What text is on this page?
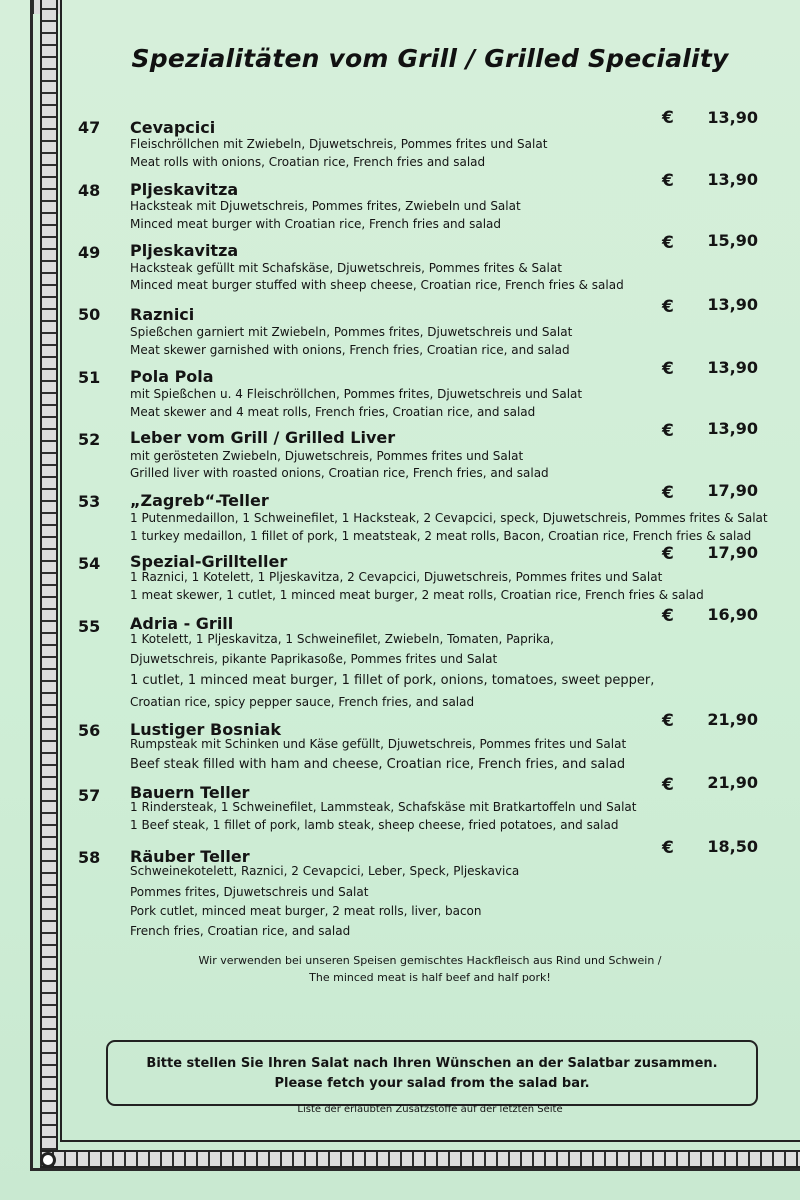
Spezialitäten vom Grill / Grilled Speciality
47	Cevapcici	€	13,90
Fleischröllchen mit Zwiebeln, Djuwetschreis, Pommes frites und Salat
Meat rolls with onions, Croatian rice, French fries and salad
48	Pljeskavitza	€	13,90
Hacksteak mit Djuwetschreis, Pommes frites, Zwiebeln und Salat
Minced meat burger with Croatian rice, French fries and salad
49	Pljeskavitza	€	15,90
Hacksteak gefüllt mit Schafskäse, Djuwetschreis, Pommes frites & Salat
Minced meat burger stuffed with sheep cheese, Croatian rice, French fries & salad
50	Raznici	€	13,90
Spießchen garniert mit Zwiebeln, Pommes frites, Djuwetschreis und Salat
Meat skewer garnished with onions, French fries, Croatian rice, and salad
51	Pola Pola	€	13,90
mit Spießchen u. 4 Fleischröllchen, Pommes frites, Djuwetschreis und Salat
Meat skewer and 4 meat rolls, French fries, Croatian rice, and salad
52	Leber vom Grill / Grilled Liver	€	13,90
mit gerösteten Zwiebeln, Djuwetschreis, Pommes frites und Salat
Grilled liver with roasted onions, Croatian rice, French fries, and salad
53	„Zagreb“-Teller	€	17,90
1 Putenmedaillon, 1 Schweinefilet, 1 Hacksteak, 2 Cevapcici, speck, Djuwetschreis, Pommes frites & Salat
1 turkey medaillon, 1 fillet of pork, 1 meatsteak, 2 meat rolls, Bacon, Croatian rice, French fries & salad
54	Spezial-Grillteller	€	17,90
1 Raznici, 1 Kotelett, 1 Pljeskavitza, 2 Cevapcici, Djuwetschreis, Pommes frites und Salat
1 meat skewer, 1 cutlet, 1 minced meat burger, 2 meat rolls, Croatian rice, French fries & salad
55	Adria - Grill	€	16,90
1 Kotelett, 1 Pljeskavitza, 1 Schweinefilet, Zwiebeln, Tomaten, Paprika,
Djuwetschreis, pikante Paprikasoße, Pommes frites und Salat
1 cutlet, 1 minced meat burger, 1 fillet of pork, onions, tomatoes, sweet pepper,
Croatian rice, spicy pepper sauce, French fries, and salad
56	Lustiger Bosniak	€	21,90
Rumpsteak mit Schinken und Käse gefüllt, Djuwetschreis, Pommes frites und Salat
Beef steak filled with ham and cheese, Croatian rice, French fries, and salad
57	Bauern Teller	€	21,90
1 Rindersteak, 1 Schweinefilet, Lammsteak, Schafskäse mit Bratkartoffeln und Salat
1 Beef steak, 1 fillet of pork, lamb steak, sheep cheese, fried potatoes, and salad
58	Räuber Teller	€	18,50
Schweinekotelett, Raznici, 2 Cevapcici, Leber, Speck, Pljeskavica
Pommes frites, Djuwetschreis und Salat
Pork cutlet, minced meat burger, 2 meat rolls, liver, bacon
French fries, Croatian rice, and salad
Wir verwenden bei unseren Speisen gemischtes Hackfleisch aus Rind und Schwein /
The minced meat is half beef and half pork!
Bitte stellen Sie Ihren Salat nach Ihren Wünschen an der Salatbar zusammen.
Please fetch your salad from the salad bar.
Liste der erlaubten Zusatzstoffe auf der letzten Seite
